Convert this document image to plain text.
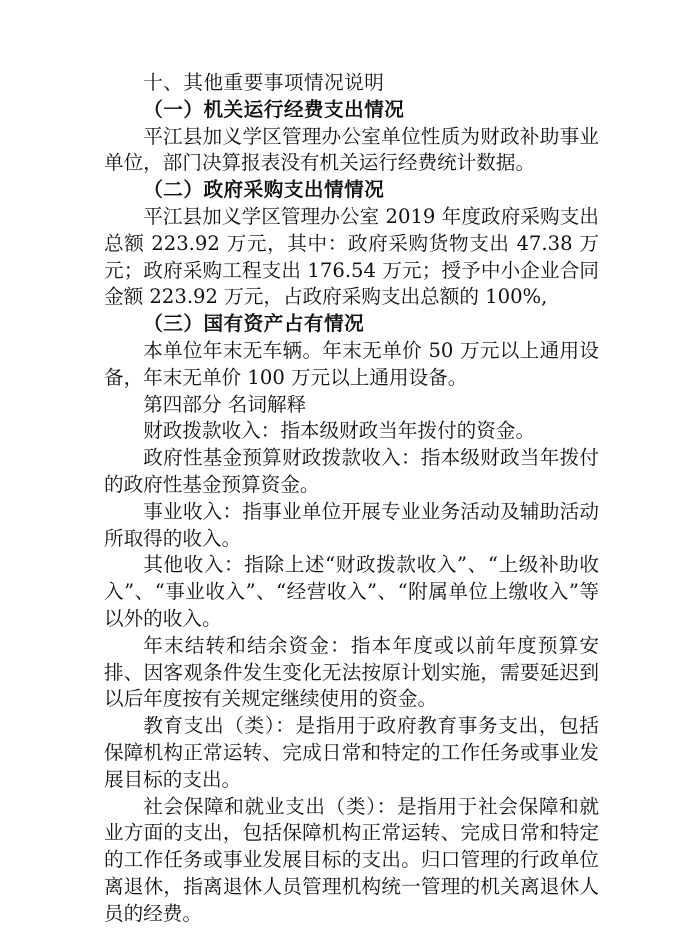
十、其他重要事项情况说明

（一）机关运行经费支出情况

平江县加义学区管理办公室单位性质为财政补助事业单位，部门决算报表没有机关运行经费统计数据。

（二）政府采购支出情情况

平江县加义学区管理办公室 2019 年度政府采购支出总额 223.92 万元，其中：政府采购货物支出 47.38 万元；政府采购工程支出 176.54 万元；授予中小企业合同金额 223.92 万元，占政府采购支出总额的 100%,

（三）国有资产占有情况

本单位年末无车辆。年末无单价 50 万元以上通用设备，年末无单价 100 万元以上通用设备。

第四部分 名词解释

财政拨款收入：指本级财政当年拨付的资金。

政府性基金预算财政拨款收入：指本级财政当年拨付的政府性基金预算资金。

事业收入：指事业单位开展专业业务活动及辅助活动所取得的收入。

其他收入：指除上述“财政拨款收入”、“上级补助收入”、“事业收入”、“经营收入”、“附属单位上缴收入”等以外的收入。

年末结转和结余资金：指本年度或以前年度预算安排、因客观条件发生变化无法按原计划实施，需要延迟到以后年度按有关规定继续使用的资金。

教育支出（类）：是指用于政府教育事务支出，包括保障机构正常运转、完成日常和特定的工作任务或事业发展目标的支出。

社会保障和就业支出（类）：是指用于社会保障和就业方面的支出，包括保障机构正常运转、完成日常和特定的工作任务或事业发展目标的支出。归口管理的行政单位离退休，指离退休人员管理机构统一管理的机关离退休人员的经费。
